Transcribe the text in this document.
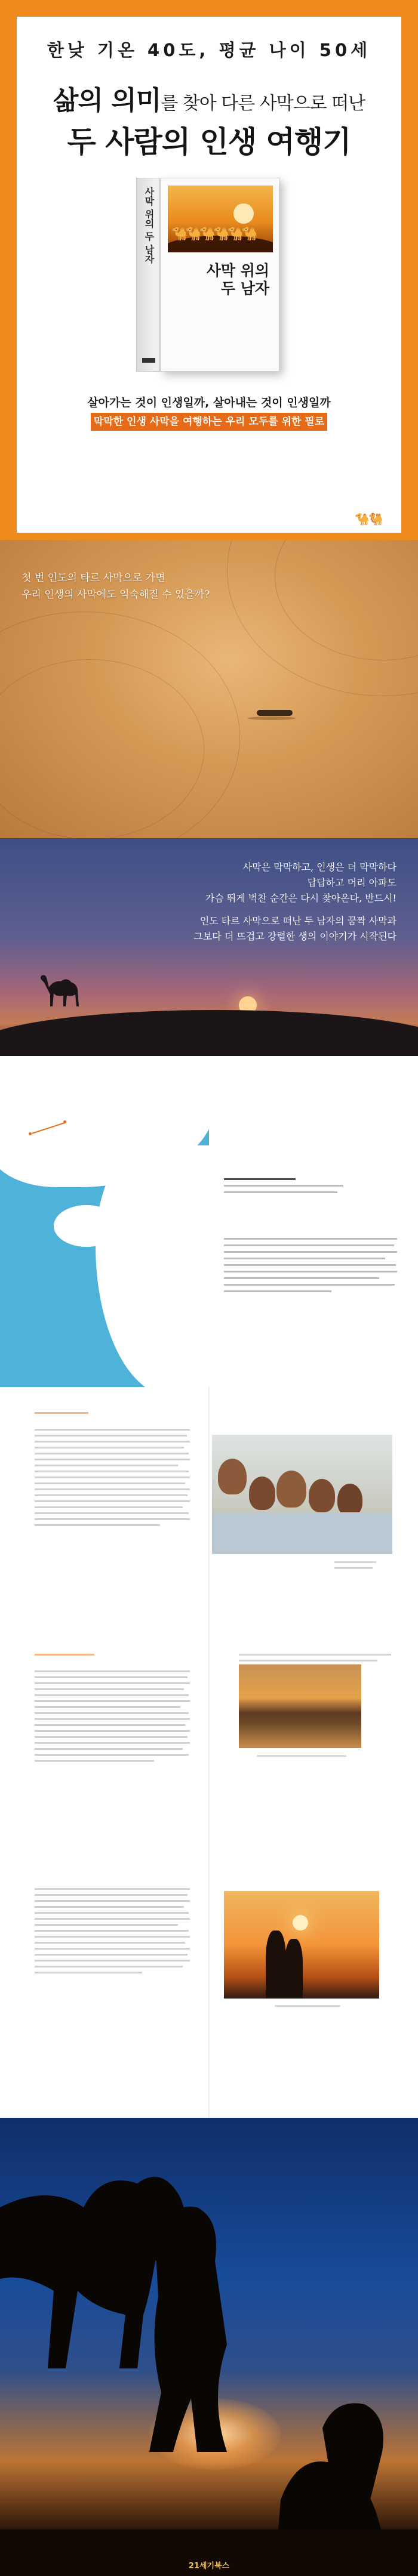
한낮 기온 40도, 평균 나이 50세
삶의 의미를 찾아 다른 사막으로 떠난
두 사람의 인생 여행기
사막 위의 두 남자 🐪🐪🐪🐪🐪🐪
사막 위의
두 남자
살아가는 것이 인생일까, 살아내는 것이 인생일까
막막한 인생 사막을 여행하는 우리 모두를 위한 필로
🐪🐫
첫 번 인도의 타르 사막으로 가면
우리 인생의 사막에도 익숙해질 수 있을까?

사막은 막막하고, 인생은 더 막막하다
답답하고 머리 아파도
가슴 뛰게 벅찬 순간은 다시 찾아온다, 반드시!

인도 타르 사막으로 떠난 두 남자의 꿈짝 사막과
그보다 더 뜨겁고 강렬한 생의 이야기가 시작된다

21세기북스
